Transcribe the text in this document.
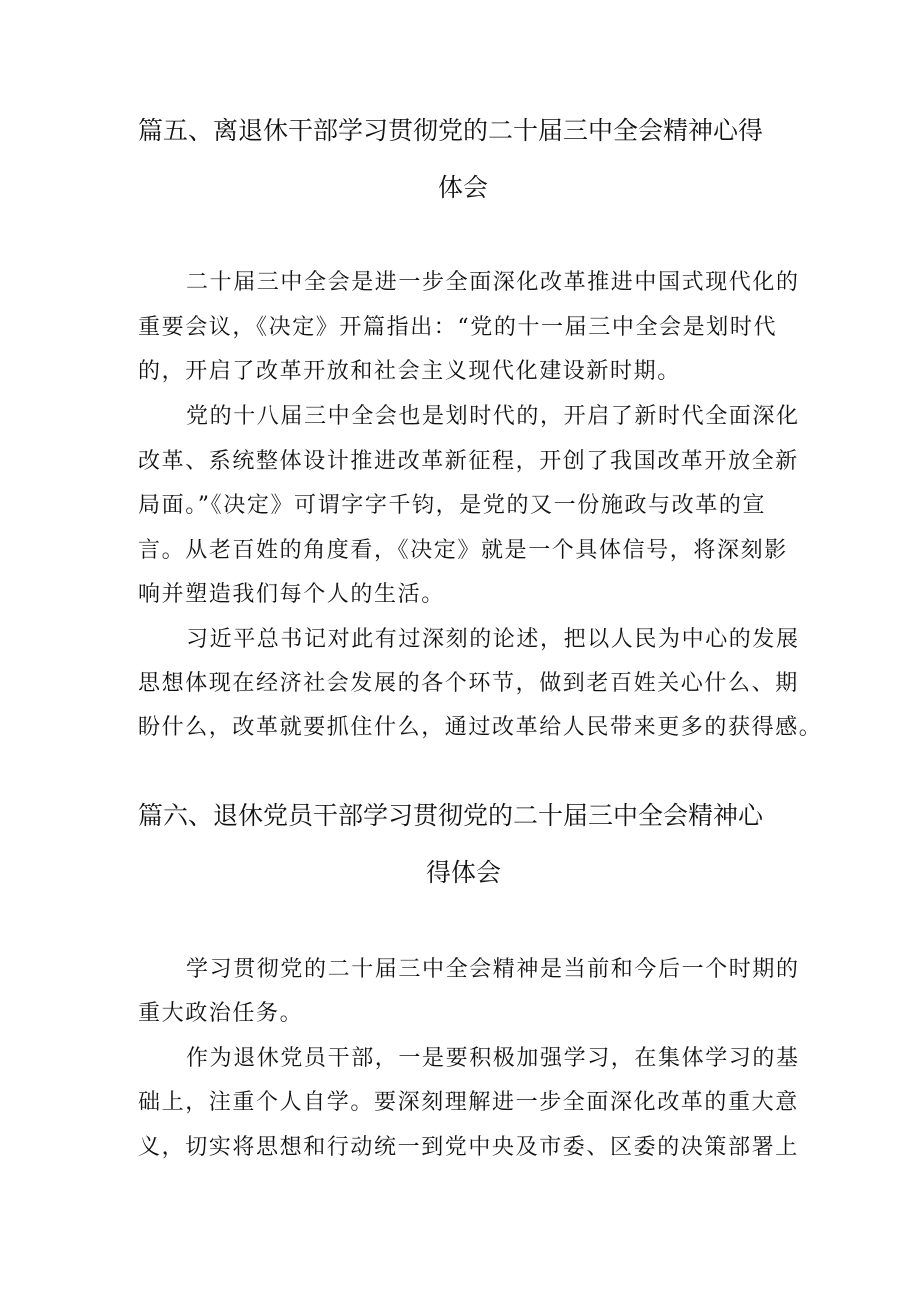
篇五、离退休干部学习贯彻党的二十届三中全会精神心得
体会

二十届三中全会是进一步全面深化改革推进中国式现代化的

重要会议，《决定》开篇指出：“党的十一届三中全会是划时代

的，开启了改革开放和社会主义现代化建设新时期。

党的十八届三中全会也是划时代的，开启了新时代全面深化

改革、系统整体设计推进改革新征程，开创了我国改革开放全新

局面。”《决定》可谓字字千钧，是党的又一份施政与改革的宣

言。从老百姓的角度看，《决定》就是一个具体信号，将深刻影

响并塑造我们每个人的生活。

习近平总书记对此有过深刻的论述，把以人民为中心的发展

思想体现在经济社会发展的各个环节，做到老百姓关心什么、期

盼什么，改革就要抓住什么，通过改革给人民带来更多的获得感。

篇六、退休党员干部学习贯彻党的二十届三中全会精神心
得体会

学习贯彻党的二十届三中全会精神是当前和今后一个时期的

重大政治任务。

作为退休党员干部，一是要积极加强学习，在集体学习的基

础上，注重个人自学。要深刻理解进一步全面深化改革的重大意

义，切实将思想和行动统一到党中央及市委、区委的决策部署上
